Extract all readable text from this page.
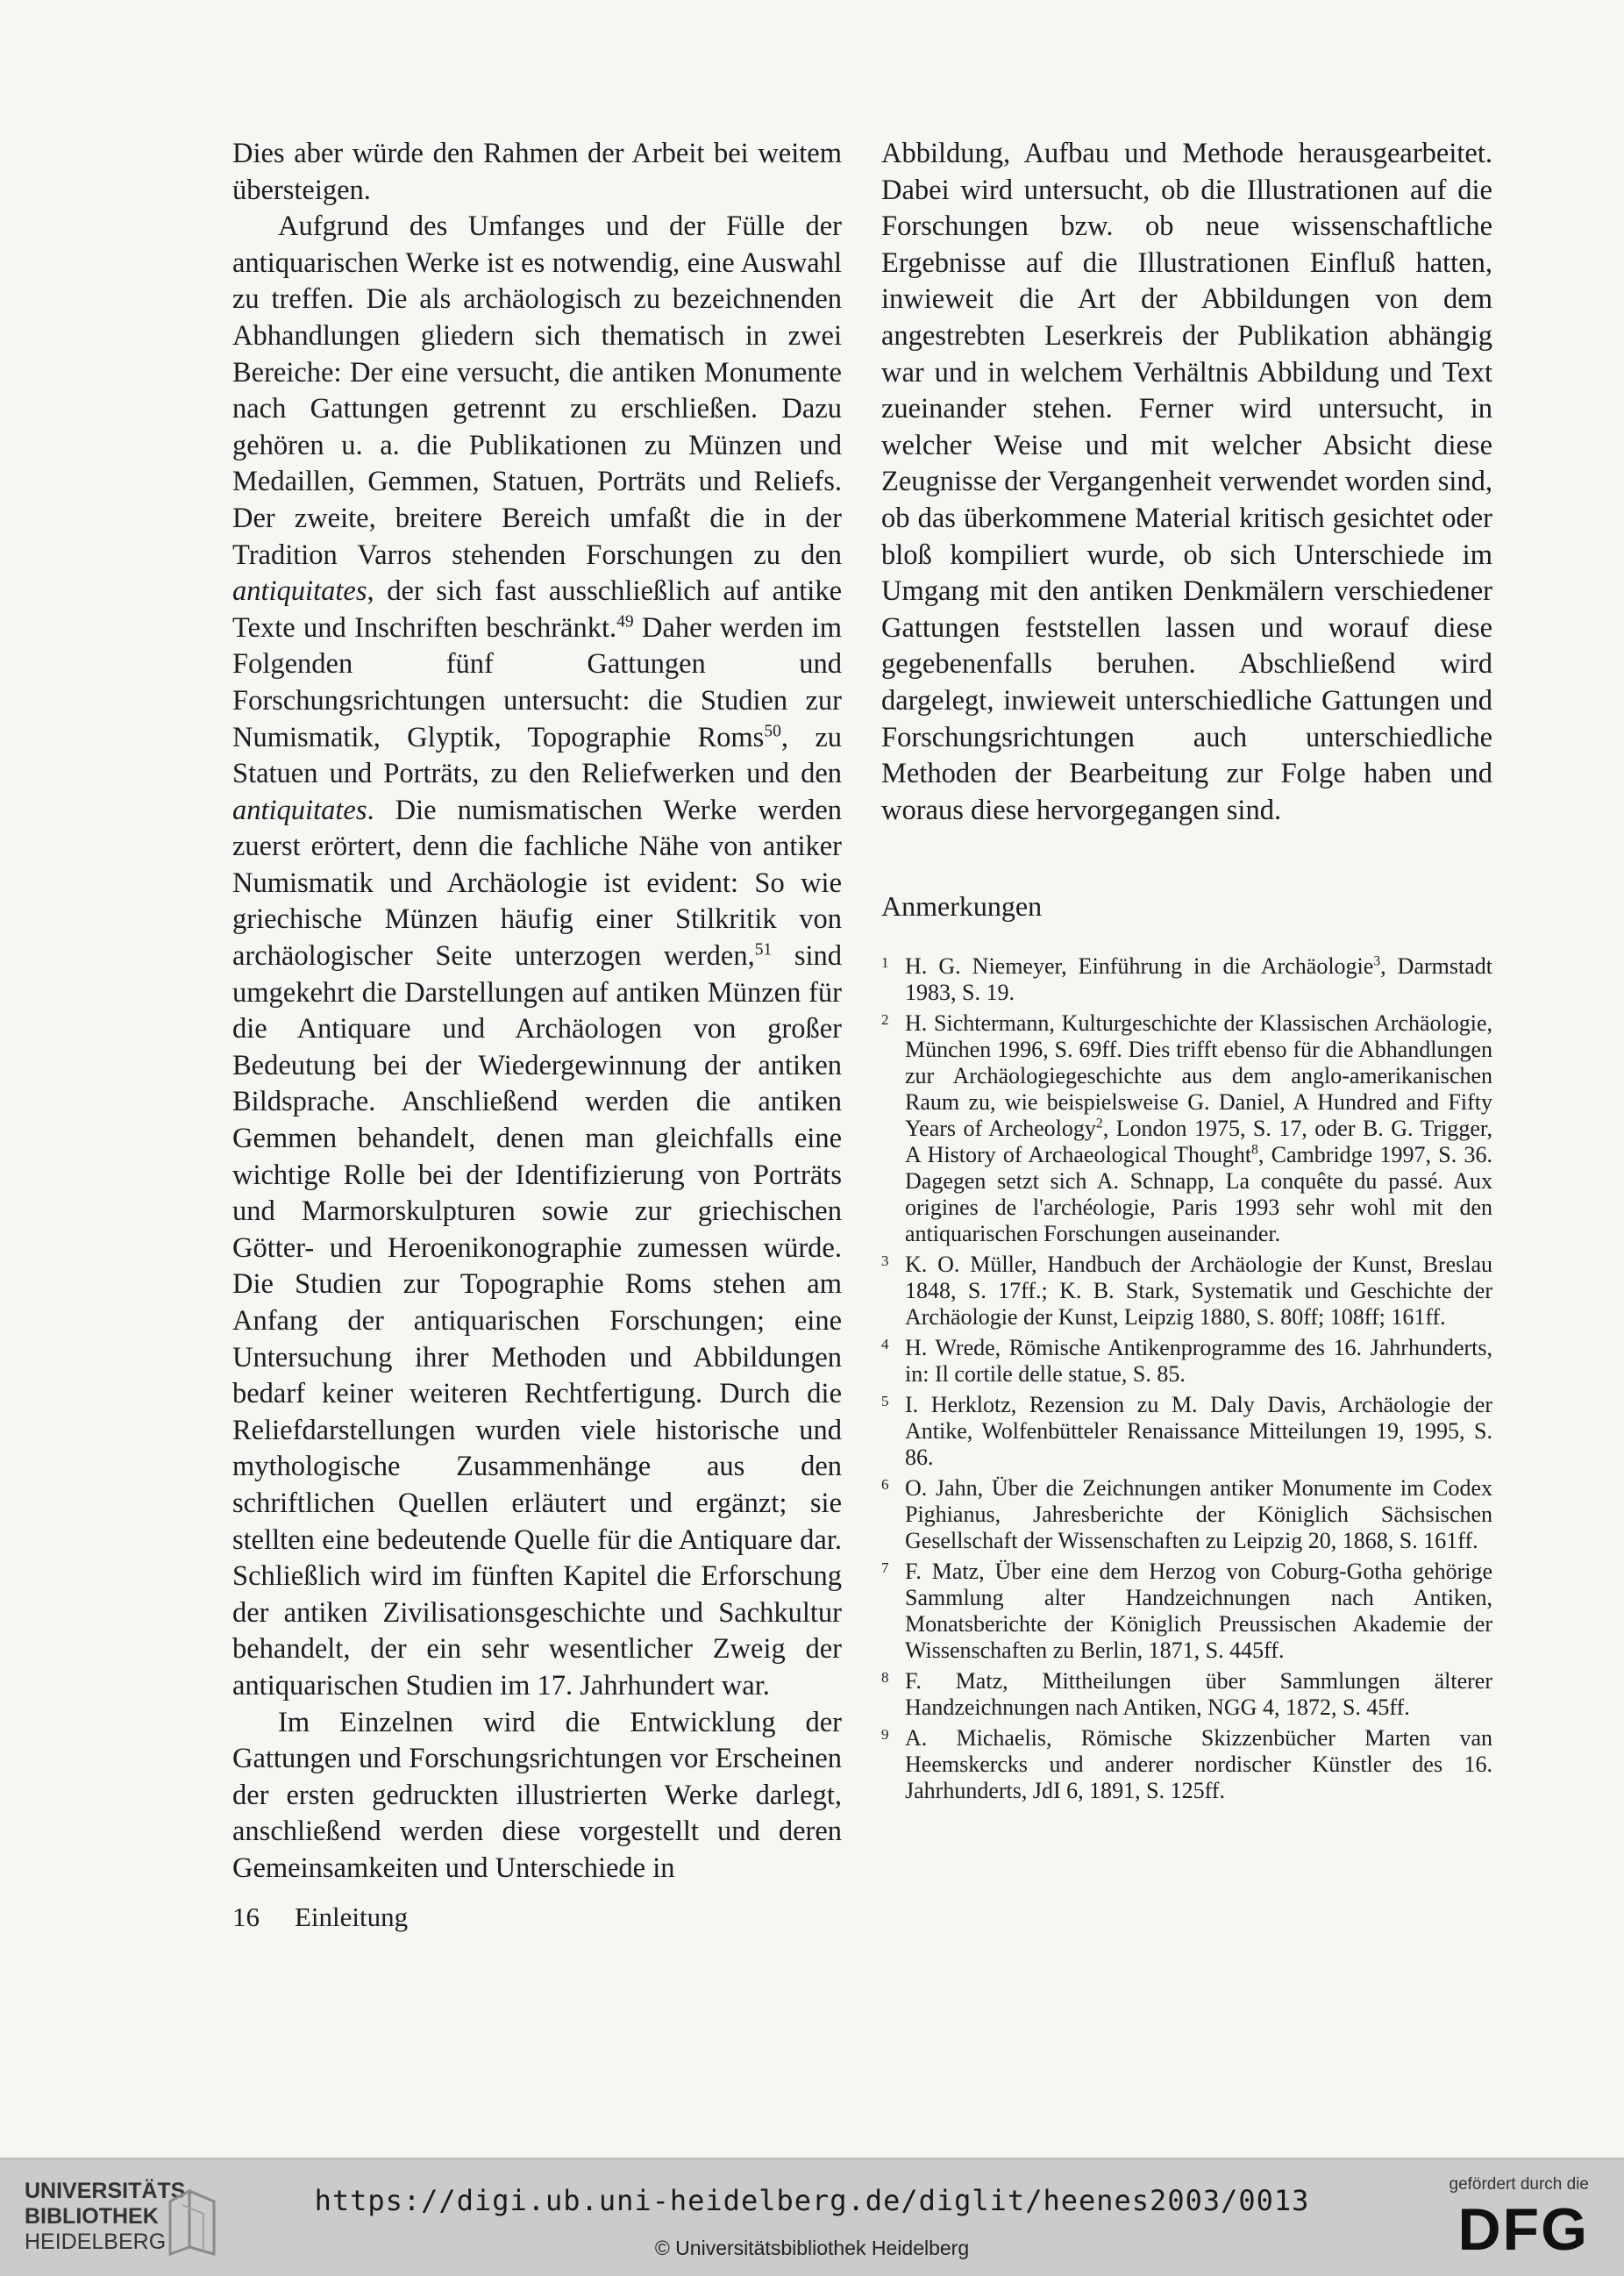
Dies aber würde den Rahmen der Arbeit bei weitem übersteigen.

Aufgrund des Umfanges und der Fülle der antiquarischen Werke ist es notwendig, eine Auswahl zu treffen. Die als archäologisch zu bezeichnenden Abhandlungen gliedern sich thematisch in zwei Bereiche: Der eine versucht, die antiken Monumente nach Gattungen getrennt zu erschließen. Dazu gehören u. a. die Publikationen zu Münzen und Medaillen, Gemmen, Statuen, Porträts und Reliefs. Der zweite, breitere Bereich umfaßt die in der Tradition Varros stehenden Forschungen zu den antiquitates, der sich fast ausschließlich auf antike Texte und Inschriften beschränkt.$^{49}$ Daher werden im Folgenden fünf Gattungen und Forschungsrichtungen untersucht: die Studien zur Numismatik, Glyptik, Topographie Roms$^{50}$, zu Statuen und Porträts, zu den Reliefwerken und den antiquitates. Die numismatischen Werke werden zuerst erörtert, denn die fachliche Nähe von antiker Numismatik und Archäologie ist evident: So wie griechische Münzen häufig einer Stilkritik von archäologischer Seite unterzogen werden,$^{51}$ sind umgekehrt die Darstellungen auf antiken Münzen für die Antiquare und Archäologen von großer Bedeutung bei der Wiedergewinnung der antiken Bildsprache. Anschließend werden die antiken Gemmen behandelt, denen man gleichfalls eine wichtige Rolle bei der Identifizierung von Porträts und Marmorskulpturen sowie zur griechischen Götter- und Heroenikonographie zumessen würde. Die Studien zur Topographie Roms stehen am Anfang der antiquarischen Forschungen; eine Untersuchung ihrer Methoden und Abbildungen bedarf keiner weiteren Rechtfertigung. Durch die Reliefdarstellungen wurden viele historische und mythologische Zusammenhänge aus den schriftlichen Quellen erläutert und ergänzt; sie stellten eine bedeutende Quelle für die Antiquare dar. Schließlich wird im fünften Kapitel die Erforschung der antiken Zivilisationsgeschichte und Sachkultur behandelt, der ein sehr wesentlicher Zweig der antiquarischen Studien im 17. Jahrhundert war.

Im Einzelnen wird die Entwicklung der Gattungen und Forschungsrichtungen vor Erscheinen der ersten gedruckten illustrierten Werke darlegt, anschließend werden diese vorgestellt und deren Gemeinsamkeiten und Unterschiede in

Abbildung, Aufbau und Methode herausgearbeitet. Dabei wird untersucht, ob die Illustrationen auf die Forschungen bzw. ob neue wissenschaftliche Ergebnisse auf die Illustrationen Einfluß hatten, inwieweit die Art der Abbildungen von dem angestrebten Leserkreis der Publikation abhängig war und in welchem Verhältnis Abbildung und Text zueinander stehen. Ferner wird untersucht, in welcher Weise und mit welcher Absicht diese Zeugnisse der Vergangenheit verwendet worden sind, ob das überkommene Material kritisch gesichtet oder bloß kompiliert wurde, ob sich Unterschiede im Umgang mit den antiken Denkmälern verschiedener Gattungen feststellen lassen und worauf diese gegebenenfalls beruhen. Abschließend wird dargelegt, inwieweit unterschiedliche Gattungen und Forschungsrichtungen auch unterschiedliche Methoden der Bearbeitung zur Folge haben und woraus diese hervorgegangen sind.

Anmerkungen
1 H. G. Niemeyer, Einführung in die Archäologie$^3$, Darmstadt 1983, S. 19.
2 H. Sichtermann, Kulturgeschichte der Klassischen Archäologie, München 1996, S. 69ff. Dies trifft ebenso für die Abhandlungen zur Archäologiegeschichte aus dem anglo-amerikanischen Raum zu, wie beispielsweise G. Daniel, A Hundred and Fifty Years of Archeology$^2$, London 1975, S. 17, oder B. G. Trigger, A History of Archaeological Thought$^8$, Cambridge 1997, S. 36. Dagegen setzt sich A. Schnapp, La conquête du passé. Aux origines de l'archéologie, Paris 1993 sehr wohl mit den antiquarischen Forschungen auseinander.
3 K. O. Müller, Handbuch der Archäologie der Kunst, Breslau 1848, S. 17ff.; K. B. Stark, Systematik und Geschichte der Archäologie der Kunst, Leipzig 1880, S. 80ff; 108ff; 161ff.
4 H. Wrede, Römische Antikenprogramme des 16. Jahrhunderts, in: Il cortile delle statue, S. 85.
5 I. Herklotz, Rezension zu M. Daly Davis, Archäologie der Antike, Wolfenbütteler Renaissance Mitteilungen 19, 1995, S. 86.
6 O. Jahn, Über die Zeichnungen antiker Monumente im Codex Pighianus, Jahresberichte der Königlich Sächsischen Gesellschaft der Wissenschaften zu Leipzig 20, 1868, S. 161ff.
7 F. Matz, Über eine dem Herzog von Coburg-Gotha gehörige Sammlung alter Handzeichnungen nach Antiken, Monatsberichte der Königlich Preussischen Akademie der Wissenschaften zu Berlin, 1871, S. 445ff.
8 F. Matz, Mittheilungen über Sammlungen älterer Handzeichnungen nach Antiken, NGG 4, 1872, S. 45ff.
9 A. Michaelis, Römische Skizzenbücher Marten van Heemskercks und anderer nordischer Künstler des 16. Jahrhunderts, JdI 6, 1891, S. 125ff.
16 Einleitung
UNIVERSITÄTS-
BIBLIOTHEK
HEIDELBERG
https://digi.ub.uni-heidelberg.de/diglit/heenes2003/0013
© Universitätsbibliothek Heidelberg
gefördert durch die
DFG
